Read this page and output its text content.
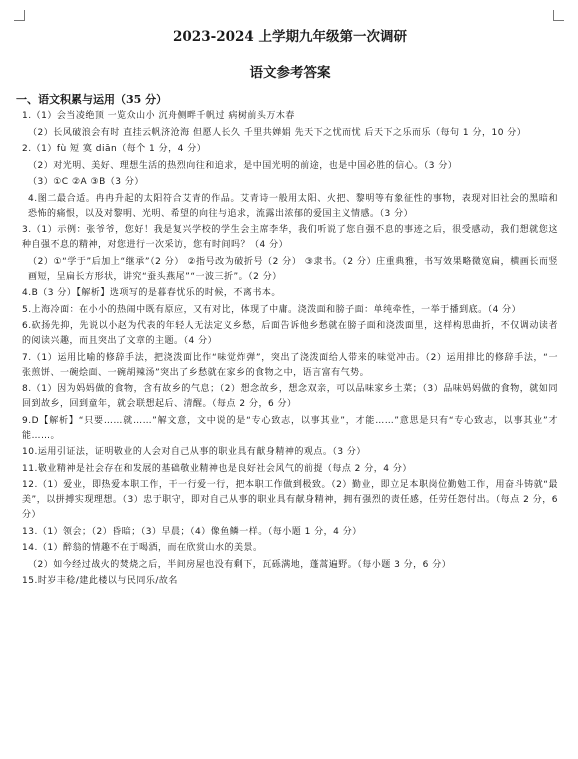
2023-2024 上学期九年级第一次调研
语文参考答案
一、语文积累与运用（35 分）

1.（1）会当凌绝顶 一览众山小 沉舟侧畔千帆过 病树前头万木春

（2）长风破浪会有时 直挂云帆济沧海 但愿人长久 千里共婵娟 先天下之忧而忧 后天下之乐而乐（每句 1 分，10 分）

2.（1）fù 短 寞 diān（每个 1 分，4 分）

（2）对光明、美好、理想生活的热烈向往和追求，是中国光明的前途，也是中国必胜的信心。（3 分）

（3）①C ②A ③B（3 分）

4.图二最合适。冉冉升起的太阳符合艾青的作品。艾青诗一般用太阳、火把、黎明等有象征性的事物，表现对旧社会的黑暗和恐怖的痛恨，以及对黎明、光明、希望的向往与追求，流露出浓郁的爱国主义情感。（3 分）

3.（1）示例：张爷爷，您好！我是复兴学校的学生会主席李华，我们听说了您自强不息的事迹之后，很受感动，我们想就您这种自强不息的精神，对您进行一次采访，您有时间吗？（4 分）

（2）①“学于”后加上“继承”（2 分） ②指号改为破折号（2 分） ③隶书。（2 分）庄重典雅，书写效果略微宽扁，横画长而竖画短，呈扁长方形状，讲究“蚕头燕尾”“一波三折”。（2 分）

4.B（3 分）【解析】选项写的是暮春忧乐的时候，不离书本。

5.上海冷面：在小小的热闹中既有原应，又有对比，体现了中庸。浇泼面和膀子面：单纯牵性，一举于播到底。（4 分）

6.砍扬先抑，先说以小赵为代表的年轻人无法定义乡愁，后面告诉他乡愁就在膀子面和浇泼面里，这样构思曲折，不仅调动读者的阅读兴趣，而且突出了文章的主题。（4 分）

7.（1）运用比喻的修辞手法，把浇泼面比作“味觉炸弹”，突出了浇泼面给人带来的味觉冲击。（2）运用排比的修辞手法，“一张煎饼、一碗烩面、一碗胡辣汤”突出了乡愁就在家乡的食物之中，语言富有气势。

8.（1）因为妈妈做的食物，含有故乡的气息；（2）想念故乡，想念双亲，可以品味家乡土菜；（3）品味妈妈做的食物，就如同回到故乡，回到童年，就会联想起后、清醒。（每点 2 分，6 分）

9.D【解析】“只要……就……”解文意，文中说的是“专心致志，以事其业”，才能……”意思是只有“专心致志，以事其业”才能……。

10.运用引证法，证明敬业的人会对自己从事的职业具有献身精神的观点。（3 分）

11.敬业精神是社会存在和发展的基础敬业精神也是良好社会风气的前提（每点 2 分，4 分）

12.（1）爱业，即热爱本职工作，干一行爱一行，把本职工作做到极致。（2）勤业，即立足本职岗位勤勉工作，用奋斗铸就“最美”，以拼搏实现理想。（3）忠于职守，即对自己从事的职业具有献身精神，拥有强烈的责任感，任劳任怨付出。（每点 2 分，6 分）

13.（1）领会；（2）昏暗；（3）早晨；（4）像鱼鳞一样。（每小题 1 分，4 分）

14.（1）醉翁的情趣不在于喝酒，而在欣赏山水的美景。

（2）如今经过战火的焚烧之后，半间房屋也没有剩下，瓦砾满地，蓬蒿遍野。（每小题 3 分，6 分）

15.时岁丰稔/建此楼以与民同乐/故名
